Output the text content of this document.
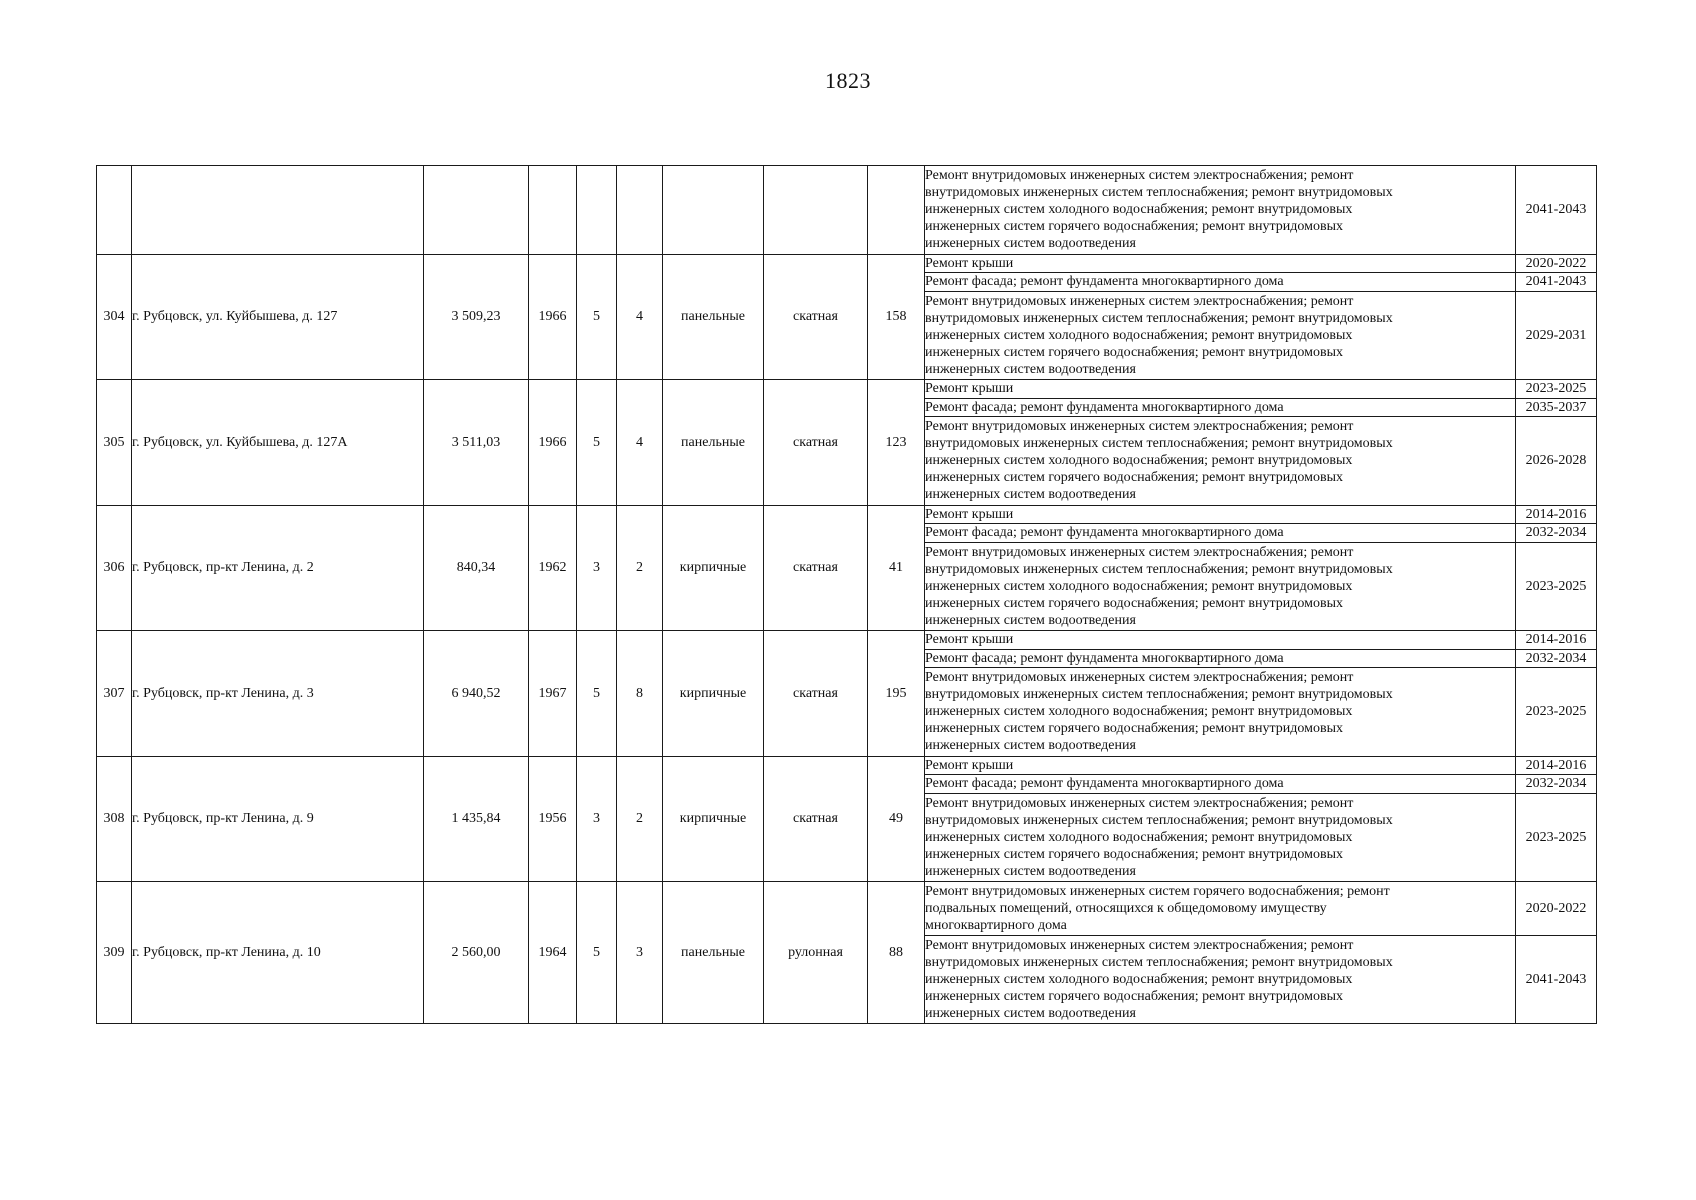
1823
									Ремонт внутридомовых инженерных систем электроснабжения; ремонт
внутридомовых инженерных систем теплоснабжения; ремонт внутридомовых
инженерных систем холодного водоснабжения; ремонт внутридомовых
инженерных систем горячего водоснабжения; ремонт внутридомовых
инженерных систем водоотведения	2041-2043
304	г. Рубцовск, ул. Куйбышева, д. 127	3 509,23	1966	5	4	панельные	скатная	158	Ремонт крыши	2020-2022
									Ремонт фасада; ремонт фундамента многоквартирного дома	2041-2043
									Ремонт внутридомовых инженерных систем электроснабжения; ремонт
внутридомовых инженерных систем теплоснабжения; ремонт внутридомовых
инженерных систем холодного водоснабжения; ремонт внутридомовых
инженерных систем горячего водоснабжения; ремонт внутридомовых
инженерных систем водоотведения	2029-2031
305	г. Рубцовск, ул. Куйбышева, д. 127А	3 511,03	1966	5	4	панельные	скатная	123	Ремонт крыши	2023-2025
									Ремонт фасада; ремонт фундамента многоквартирного дома	2035-2037
									Ремонт внутридомовых инженерных систем электроснабжения; ремонт
внутридомовых инженерных систем теплоснабжения; ремонт внутридомовых
инженерных систем холодного водоснабжения; ремонт внутридомовых
инженерных систем горячего водоснабжения; ремонт внутридомовых
инженерных систем водоотведения	2026-2028
306	г. Рубцовск, пр-кт Ленина, д. 2	840,34	1962	3	2	кирпичные	скатная	41	Ремонт крыши	2014-2016
									Ремонт фасада; ремонт фундамента многоквартирного дома	2032-2034
									Ремонт внутридомовых инженерных систем электроснабжения; ремонт
внутридомовых инженерных систем теплоснабжения; ремонт внутридомовых
инженерных систем холодного водоснабжения; ремонт внутридомовых
инженерных систем горячего водоснабжения; ремонт внутридомовых
инженерных систем водоотведения	2023-2025
307	г. Рубцовск, пр-кт Ленина, д. 3	6 940,52	1967	5	8	кирпичные	скатная	195	Ремонт крыши	2014-2016
									Ремонт фасада; ремонт фундамента многоквартирного дома	2032-2034
									Ремонт внутридомовых инженерных систем электроснабжения; ремонт
внутридомовых инженерных систем теплоснабжения; ремонт внутридомовых
инженерных систем холодного водоснабжения; ремонт внутридомовых
инженерных систем горячего водоснабжения; ремонт внутридомовых
инженерных систем водоотведения	2023-2025
308	г. Рубцовск, пр-кт Ленина, д. 9	1 435,84	1956	3	2	кирпичные	скатная	49	Ремонт крыши	2014-2016
									Ремонт фасада; ремонт фундамента многоквартирного дома	2032-2034
									Ремонт внутридомовых инженерных систем электроснабжения; ремонт
внутридомовых инженерных систем теплоснабжения; ремонт внутридомовых
инженерных систем холодного водоснабжения; ремонт внутридомовых
инженерных систем горячего водоснабжения; ремонт внутридомовых
инженерных систем водоотведения	2023-2025
309	г. Рубцовск, пр-кт Ленина, д. 10	2 560,00	1964	5	3	панельные	рулонная	88	Ремонт внутридомовых инженерных систем горячего водоснабжения; ремонт
подвальных помещений, относящихся к общедомовому имуществу
многоквартирного дома	2020-2022
									Ремонт внутридомовых инженерных систем электроснабжения; ремонт
внутридомовых инженерных систем теплоснабжения; ремонт внутридомовых
инженерных систем холодного водоснабжения; ремонт внутридомовых
инженерных систем горячего водоснабжения; ремонт внутридомовых
инженерных систем водоотведения	2041-2043
